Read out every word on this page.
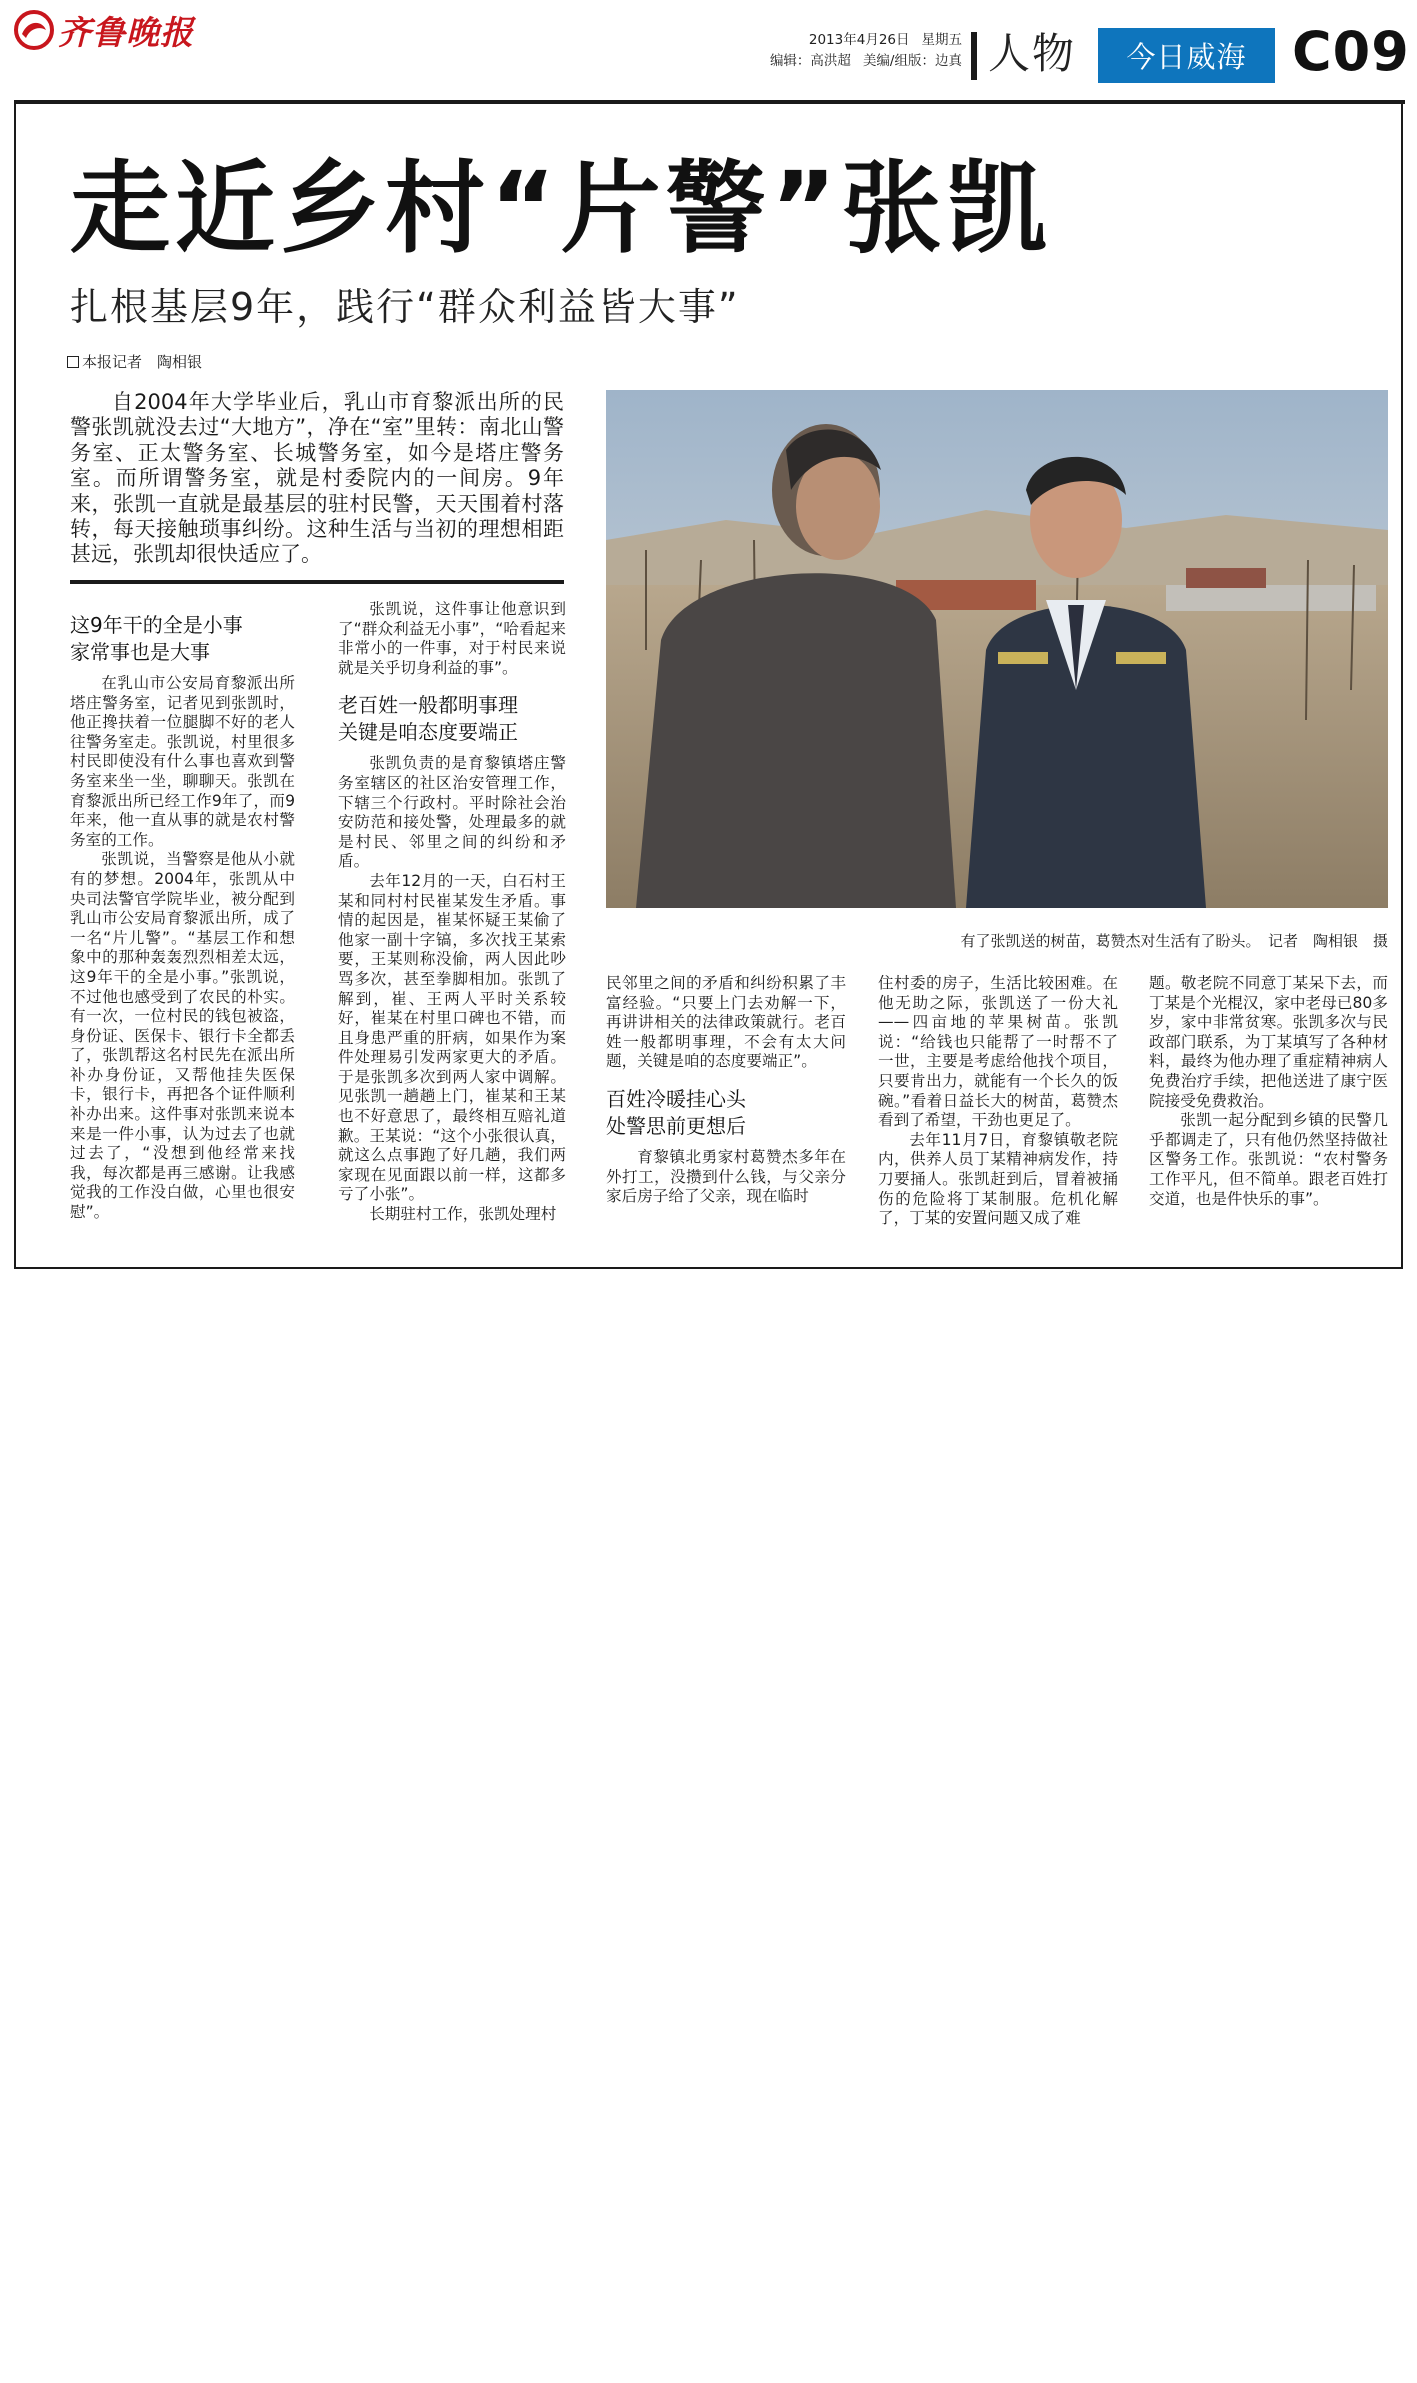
齐鲁晚报	2013年4月26日 星期五
编辑：高洪超 美编/组版：边真 人物	今日威海 C09
走近乡村“片警”张凯
扎根基层9年，践行“群众利益皆大事”
本报记者　陶相银
自2004年大学毕业后，乳山市育黎派出所的民警张凯就没去过“大地方”，净在“室”里转：南北山警务室、正太警务室、长城警务室，如今是塔庄警务室。而所谓警务室，就是村委院内的一间房。9年来，张凯一直就是最基层的驻村民警，天天围着村落转，每天接触琐事纠纷。这种生活与当初的理想相距甚远，张凯却很快适应了。
有了张凯送的树苗，葛赞杰对生活有了盼头。　记者　陶相银　摄
这9年干的全是小事
家常事也是大事

在乳山市公安局育黎派出所塔庄警务室，记者见到张凯时，他正搀扶着一位腿脚不好的老人往警务室走。张凯说，村里很多村民即使没有什么事也喜欢到警务室来坐一坐，聊聊天。张凯在育黎派出所已经工作9年了，而9年来，他一直从事的就是农村警务室的工作。

张凯说，当警察是他从小就有的梦想。2004年，张凯从中央司法警官学院毕业，被分配到乳山市公安局育黎派出所，成了一名“片儿警”。“基层工作和想象中的那种轰轰烈烈相差太远，这9年干的全是小事。”张凯说，不过他也感受到了农民的朴实。有一次，一位村民的钱包被盗，身份证、医保卡、银行卡全都丢了，张凯帮这名村民先在派出所补办身份证，又帮他挂失医保卡，银行卡，再把各个证件顺利补办出来。这件事对张凯来说本来是一件小事，认为过去了也就过去了，“没想到他经常来找我，每次都是再三感谢。让我感觉我的工作没白做，心里也很安慰”。

张凯说，这件事让他意识到了“群众利益无小事”，“哈看起来非常小的一件事，对于村民来说就是关乎切身利益的事”。

老百姓一般都明事理
关键是咱态度要端正

张凯负责的是育黎镇塔庄警务室辖区的社区治安管理工作，下辖三个行政村。平时除社会治安防范和接处警，处理最多的就是村民、邻里之间的纠纷和矛盾。

去年12月的一天，白石村王某和同村村民崔某发生矛盾。事情的起因是，崔某怀疑王某偷了他家一副十字镐，多次找王某索要，王某则称没偷，两人因此吵骂多次，甚至拳脚相加。张凯了解到，崔、王两人平时关系较好，崔某在村里口碑也不错，而且身患严重的肝病，如果作为案件处理易引发两家更大的矛盾。于是张凯多次到两人家中调解。见张凯一趟趟上门，崔某和王某也不好意思了，最终相互赔礼道歉。王某说：“这个小张很认真，就这么点事跑了好几趟，我们两家现在见面跟以前一样，这都多亏了小张”。

长期驻村工作，张凯处理村

民邻里之间的矛盾和纠纷积累了丰富经验。“只要上门去劝解一下，再讲讲相关的法律政策就行。老百姓一般都明事理，不会有太大问题，关键是咱的态度要端正”。

百姓冷暖挂心头
处警思前更想后

育黎镇北勇家村葛赞杰多年在外打工，没攒到什么钱，与父亲分家后房子给了父亲，现在临时

住村委的房子，生活比较困难。在他无助之际，张凯送了一份大礼——四亩地的苹果树苗。张凯说：“给钱也只能帮了一时帮不了一世，主要是考虑给他找个项目，只要肯出力，就能有一个长久的饭碗。”看着日益长大的树苗，葛赞杰看到了希望，干劲也更足了。

去年11月7日，育黎镇敬老院内，供养人员丁某精神病发作，持刀要捅人。张凯赶到后，冒着被捅伤的危险将丁某制服。危机化解了，丁某的安置问题又成了难

题。敬老院不同意丁某呆下去，而丁某是个光棍汉，家中老母已80多岁，家中非常贫寒。张凯多次与民政部门联系，为丁某填写了各种材料，最终为他办理了重症精神病人免费治疗手续，把他送进了康宁医院接受免费救治。

张凯一起分配到乡镇的民警几乎都调走了，只有他仍然坚持做社区警务工作。张凯说：“农村警务工作平凡，但不简单。跟老百姓打交道，也是件快乐的事”。
